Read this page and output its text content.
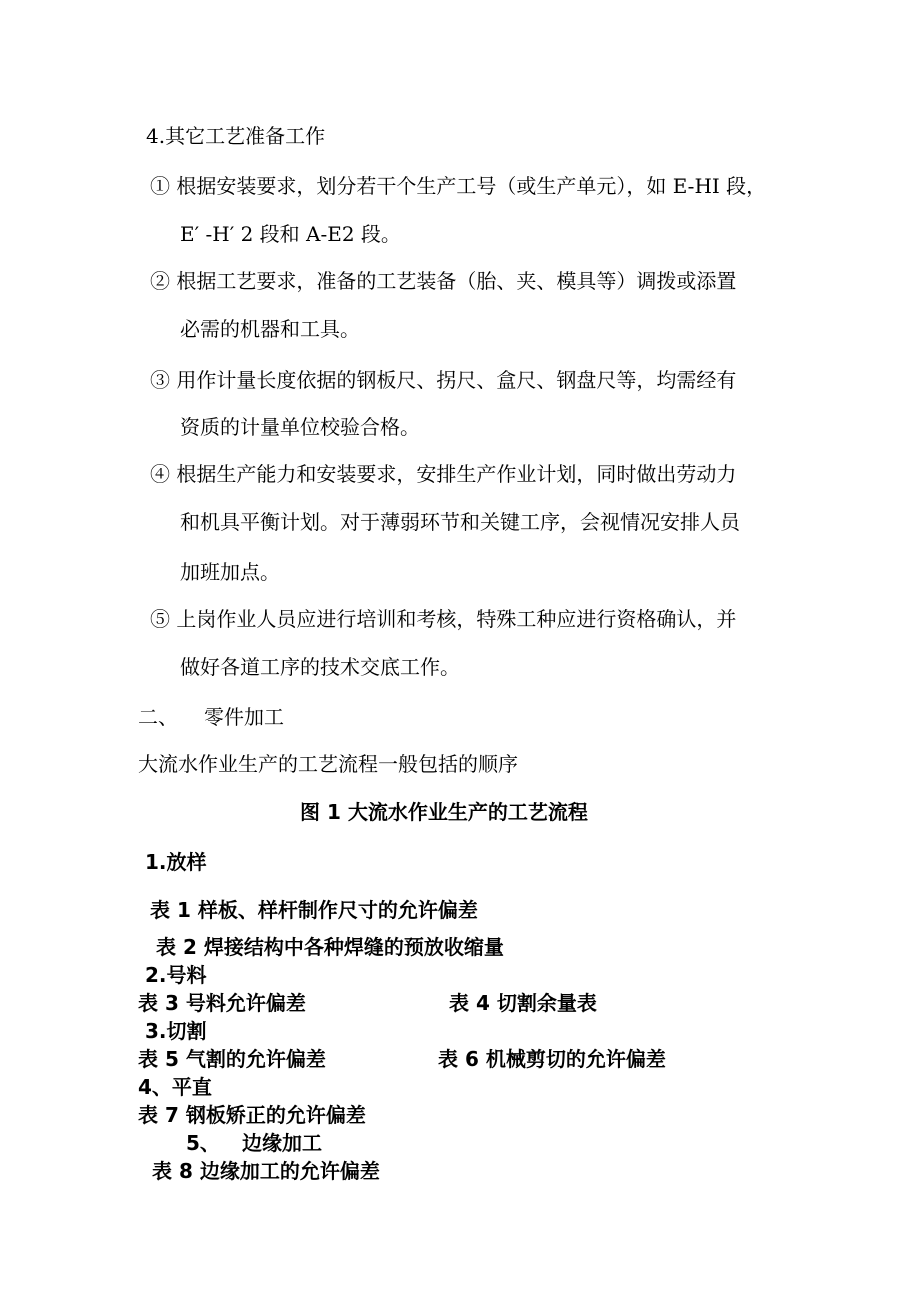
4.其它工艺准备工作
① 根据安装要求，划分若干个生产工号（或生产单元），如 E-HI 段，
E′ -H′ 2 段和 A-E2 段。
② 根据工艺要求，准备的工艺装备（胎、夹、模具等）调拨或添置
必需的机器和工具。
③ 用作计量长度依据的钢板尺、拐尺、盒尺、钢盘尺等，均需经有
资质的计量单位校验合格。
④ 根据生产能力和安装要求，安排生产作业计划，同时做出劳动力
和机具平衡计划。对于薄弱环节和关键工序，会视情况安排人员
加班加点。
⑤ 上岗作业人员应进行培训和考核，特殊工种应进行资格确认，并
做好各道工序的技术交底工作。
二、 零件加工
大流水作业生产的工艺流程一般包括的顺序
图 1 大流水作业生产的工艺流程
1.放样
表 1 样板、样杆制作尺寸的允许偏差
表 2 焊接结构中各种焊缝的预放收缩量
2.号料
表 3 号料允许偏差	表 4 切割余量表
3.切割
表 5 气割的允许偏差	表 6 机械剪切的允许偏差
4、平直
表 7 钢板矫正的允许偏差
5、 边缘加工
表 8 边缘加工的允许偏差
